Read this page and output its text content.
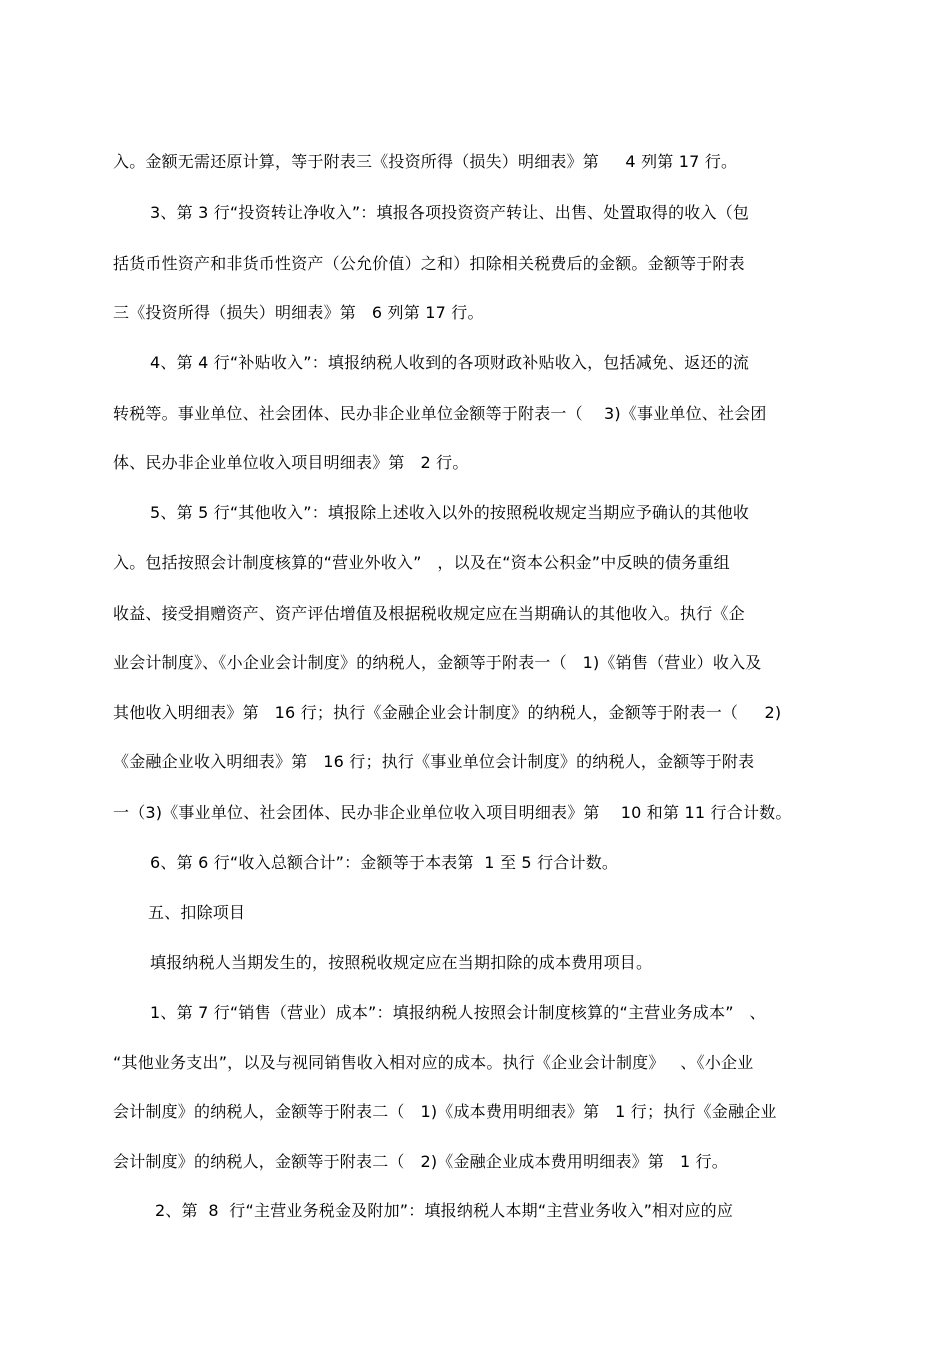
入。金额无需还原计算，等于附表三《投资所得（损失）明细表》第     4 列第 17 行。
3、第 3 行“投资转让净收入”：填报各项投资资产转让、出售、处置取得的收入（包
括货币性资产和非货币性资产（公允价值）之和）扣除相关税费后的金额。金额等于附表
三《投资所得（损失）明细表》第   6 列第 17 行。
4、第 4 行“补贴收入”：填报纳税人收到的各项财政补贴收入，包括减免、返还的流
转税等。事业单位、社会团体、民办非企业单位金额等于附表一（    3)《事业单位、社会团
体、民办非企业单位收入项目明细表》第   2 行。
5、第 5 行“其他收入”：填报除上述收入以外的按照税收规定当期应予确认的其他收
入。包括按照会计制度核算的“营业外收入”   ，以及在“资本公积金”中反映的债务重组
收益、接受捐赠资产、资产评估增值及根据税收规定应在当期确认的其他收入。执行《企
业会计制度》、《小企业会计制度》的纳税人，金额等于附表一（   1)《销售（营业）收入及
其他收入明细表》第   16 行；执行《金融企业会计制度》的纳税人，金额等于附表一（     2)
《金融企业收入明细表》第   16 行；执行《事业单位会计制度》的纳税人，金额等于附表
一（3)《事业单位、社会团体、民办非企业单位收入项目明细表》第    10 和第 11 行合计数。
6、第 6 行“收入总额合计”：金额等于本表第  1 至 5 行合计数。
五、扣除项目
填报纳税人当期发生的，按照税收规定应在当期扣除的成本费用项目。
1、第 7 行“销售（营业）成本”：填报纳税人按照会计制度核算的“主营业务成本”   、
“其他业务支出”，以及与视同销售收入相对应的成本。执行《企业会计制度》   、《小企业
会计制度》的纳税人，金额等于附表二（   1)《成本费用明细表》第   1 行；执行《金融企业
会计制度》的纳税人，金额等于附表二（   2)《金融企业成本费用明细表》第   1 行。
2、第  8  行“主营业务税金及附加”：填报纳税人本期“主营业务收入”相对应的应
